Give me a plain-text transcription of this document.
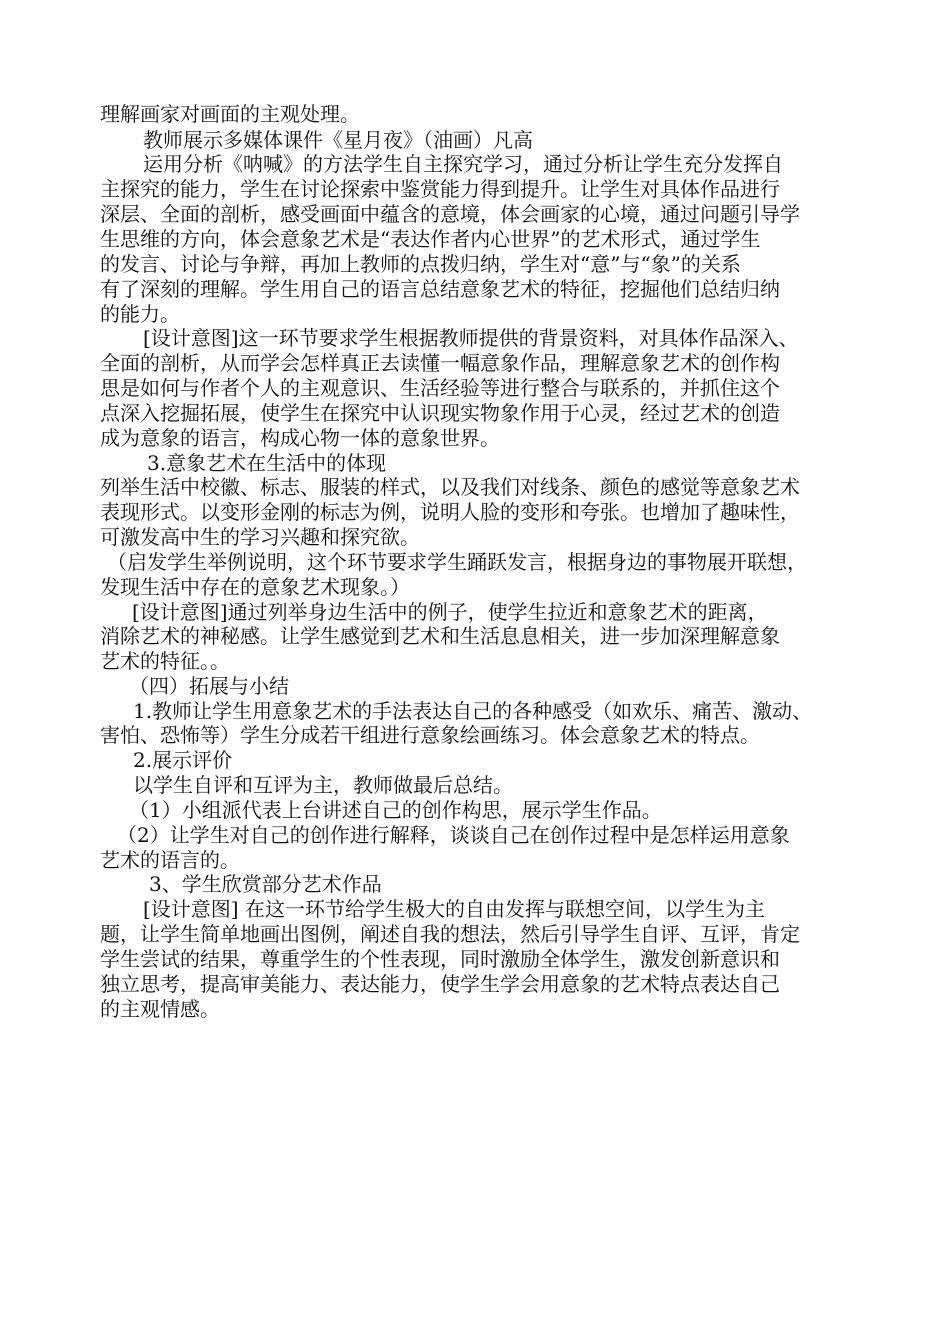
理解画家对画面的主观处理。
教师展示多媒体课件《星月夜》（油画）凡高
运用分析《呐喊》的方法学生自主探究学习，通过分析让学生充分发挥自
主探究的能力，学生在讨论探索中鉴赏能力得到提升。让学生对具体作品进行
深层、全面的剖析，感受画面中蕴含的意境，体会画家的心境，通过问题引导学
生思维的方向，体会意象艺术是“表达作者内心世界”的艺术形式，通过学生
的发言、讨论与争辩，再加上教师的点拨归纳，学生对“意”与“象”的关系
有了深刻的理解。学生用自己的语言总结意象艺术的特征，挖掘他们总结归纳
的能力。
[设计意图]这一环节要求学生根据教师提供的背景资料，对具体作品深入、
全面的剖析，从而学会怎样真正去读懂一幅意象作品，理解意象艺术的创作构
思是如何与作者个人的主观意识、生活经验等进行整合与联系的，并抓住这个
点深入挖掘拓展，使学生在探究中认识现实物象作用于心灵，经过艺术的创造
成为意象的语言，构成心物一体的意象世界。
3.意象艺术在生活中的体现
列举生活中校徽、标志、服装的样式，以及我们对线条、颜色的感觉等意象艺术
表现形式。以变形金刚的标志为例，说明人脸的变形和夸张。也增加了趣味性，
可激发高中生的学习兴趣和探究欲。
（启发学生举例说明，这个环节要求学生踊跃发言，根据身边的事物展开联想，
发现生活中存在的意象艺术现象。）
[设计意图]通过列举身边生活中的例子，使学生拉近和意象艺术的距离，
消除艺术的神秘感。让学生感觉到艺术和生活息息相关，进一步加深理解意象
艺术的特征。。
（四）拓展与小结
1.教师让学生用意象艺术的手法表达自己的各种感受（如欢乐、痛苦、激动、
害怕、恐怖等）学生分成若干组进行意象绘画练习。体会意象艺术的特点。
2.展示评价
以学生自评和互评为主，教师做最后总结。
（1）小组派代表上台讲述自己的创作构思，展示学生作品。
（2）让学生对自己的创作进行解释，谈谈自己在创作过程中是怎样运用意象
艺术的语言的。
3、学生欣赏部分艺术作品
[设计意图] 在这一环节给学生极大的自由发挥与联想空间，以学生为主
题，让学生简单地画出图例，阐述自我的想法，然后引导学生自评、互评，肯定
学生尝试的结果，尊重学生的个性表现，同时激励全体学生，激发创新意识和
独立思考，提高审美能力、表达能力，使学生学会用意象的艺术特点表达自己
的主观情感。
